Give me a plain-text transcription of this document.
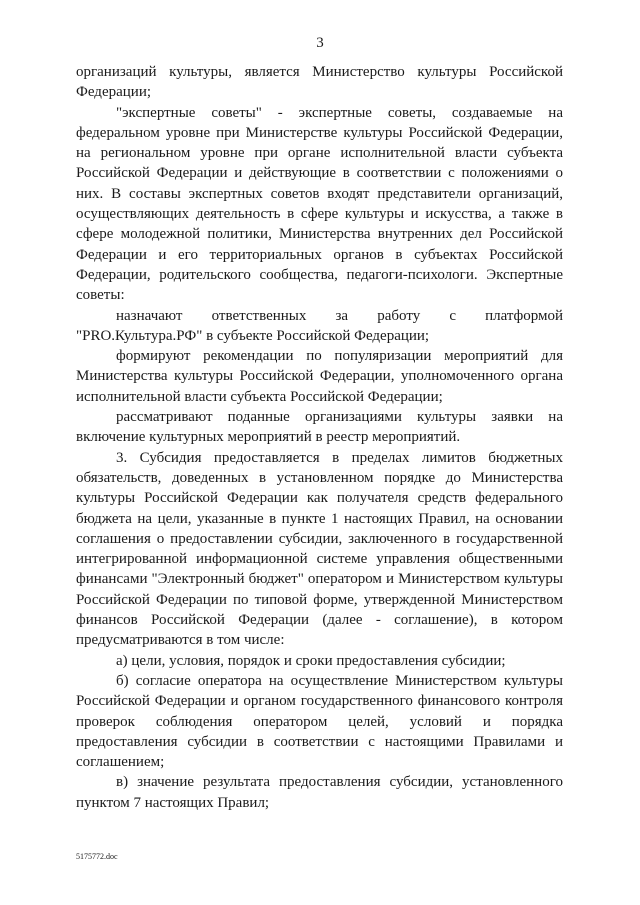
3

организаций культуры, является Министерство культуры Российской Федерации;

"экспертные советы" - экспертные советы, создаваемые на федеральном уровне при Министерстве культуры Российской Федерации, на региональном уровне при органе исполнительной власти субъекта Российской Федерации и действующие в соответствии с положениями о них. В составы экспертных советов входят представители организаций, осуществляющих деятельность в сфере культуры и искусства, а также в сфере молодежной политики, Министерства внутренних дел Российской Федерации и его территориальных органов в субъектах Российской Федерации, родительского сообщества, педагоги-психологи. Экспертные советы:

назначают ответственных за работу с платформой "PRO.Культура.РФ" в субъекте Российской Федерации;

формируют рекомендации по популяризации мероприятий для Министерства культуры Российской Федерации, уполномоченного органа исполнительной власти субъекта Российской Федерации;

рассматривают поданные организациями культуры заявки на включение культурных мероприятий в реестр мероприятий.

3. Субсидия предоставляется в пределах лимитов бюджетных обязательств, доведенных в установленном порядке до Министерства культуры Российской Федерации как получателя средств федерального бюджета на цели, указанные в пункте 1 настоящих Правил, на основании соглашения о предоставлении субсидии, заключенного в государственной интегрированной информационной системе управления общественными финансами "Электронный бюджет" оператором и Министерством культуры Российской Федерации по типовой форме, утвержденной Министерством финансов Российской Федерации (далее - соглашение), в котором предусматриваются в том числе:

а) цели, условия, порядок и сроки предоставления субсидии;

б) согласие оператора на осуществление Министерством культуры Российской Федерации и органом государственного финансового контроля проверок соблюдения оператором целей, условий и порядка предоставления субсидии в соответствии с настоящими Правилами и соглашением;

в) значение результата предоставления субсидии, установленного пунктом 7 настоящих Правил;

5175772.doc
